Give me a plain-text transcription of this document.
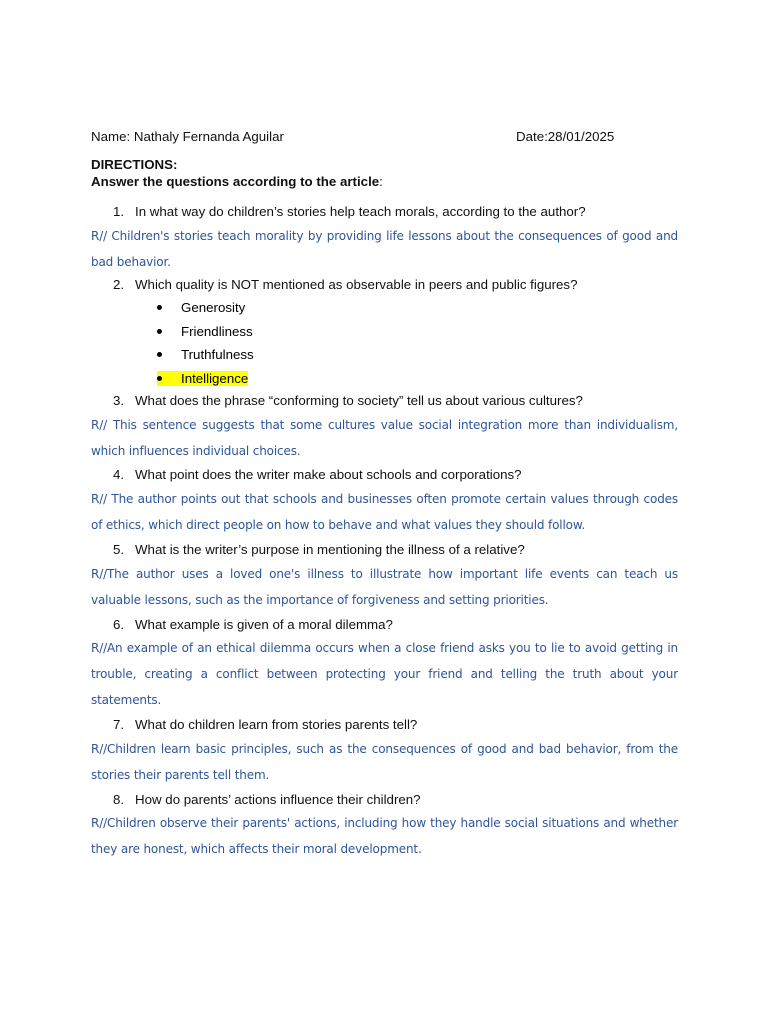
Name: Nathaly Fernanda Aguilar	Date:28/01/2025
DIRECTIONS:
Answer the questions according to the article:
1. In what way do children’s stories help teach morals, according to the author?
R// Children's stories teach morality by providing life lessons about the consequences of good and bad behavior.
2. Which quality is NOT mentioned as observable in peers and public figures?
Generosity
Friendliness
Truthfulness
Intelligence
3. What does the phrase “conforming to society” tell us about various cultures?
R// This sentence suggests that some cultures value social integration more than individualism, which influences individual choices.
4. What point does the writer make about schools and corporations?
R// The author points out that schools and businesses often promote certain values through codes of ethics, which direct people on how to behave and what values they should follow.
5. What is the writer’s purpose in mentioning the illness of a relative?
R//The author uses a loved one's illness to illustrate how important life events can teach us valuable lessons, such as the importance of forgiveness and setting priorities.
6. What example is given of a moral dilemma?
R//An example of an ethical dilemma occurs when a close friend asks you to lie to avoid getting in trouble, creating a conflict between protecting your friend and telling the truth about your statements.
7. What do children learn from stories parents tell?
R//Children learn basic principles, such as the consequences of good and bad behavior, from the stories their parents tell them.
8. How do parents’ actions influence their children?
R//Children observe their parents' actions, including how they handle social situations and whether they are honest, which affects their moral development.
